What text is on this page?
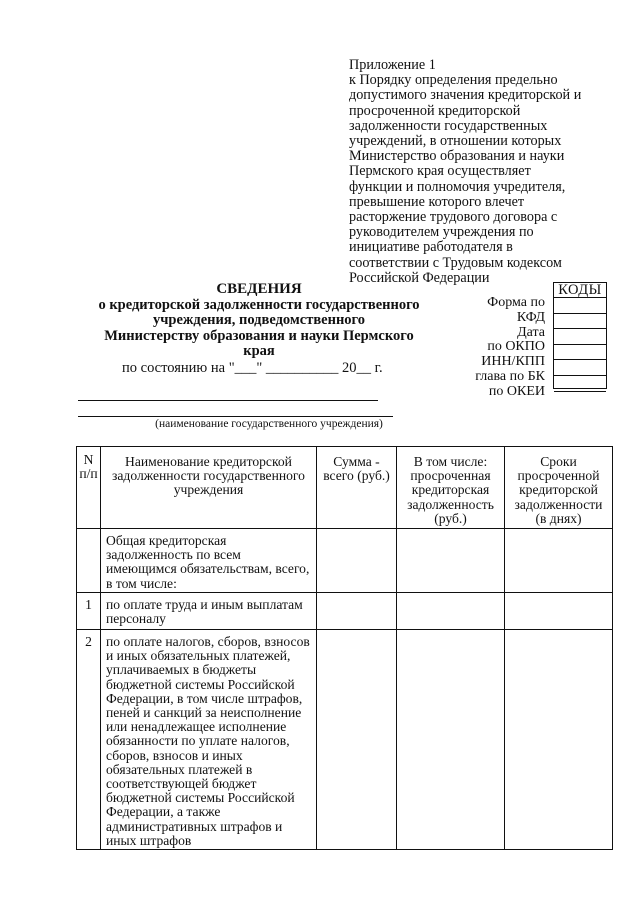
Приложение 1
к Порядку определения предельно
допустимого значения кредиторской и
просроченной кредиторской
задолженности государственных
учреждений, в отношении которых
Министерство образования и науки
Пермского края осуществляет
функции и полномочия учредителя,
превышение которого влечет
расторжение трудового договора с
руководителем учреждения по
инициативе работодателя в
соответствии с Трудовым кодексом
Российской Федерации
СВЕДЕНИЯ
о кредиторской задолженности государственного
учреждения, подведомственного
Министерству образования и науки Пермского
края
по состоянию на "___" __________ 20__ г.
(наименование государственного учреждения)
Форма по
КФД
Дата
по ОКПО
ИНН/КПП
глава по БК
по ОКЕИ
КОДЫ
N п/п	Наименование кредиторской задолженности государственного учреждения	Сумма - всего (руб.)	В том числе: просроченная кредиторская задолженность (руб.)	Сроки просроченной кредиторской задолженности (в днях)
	Общая кредиторская задолженность по всем имеющимся обязательствам, всего, в том числе:			
1	по оплате труда и иным выплатам персоналу			
2	по оплате налогов, сборов, взносов и иных обязательных платежей, уплачиваемых в бюджеты бюджетной системы Российской Федерации, в том числе штрафов, пеней и санкций за неисполнение или ненадлежащее исполнение обязанности по уплате налогов, сборов, взносов и иных обязательных платежей в соответствующей бюджет бюджетной системы Российской Федерации, а также административных штрафов и иных штрафов			
